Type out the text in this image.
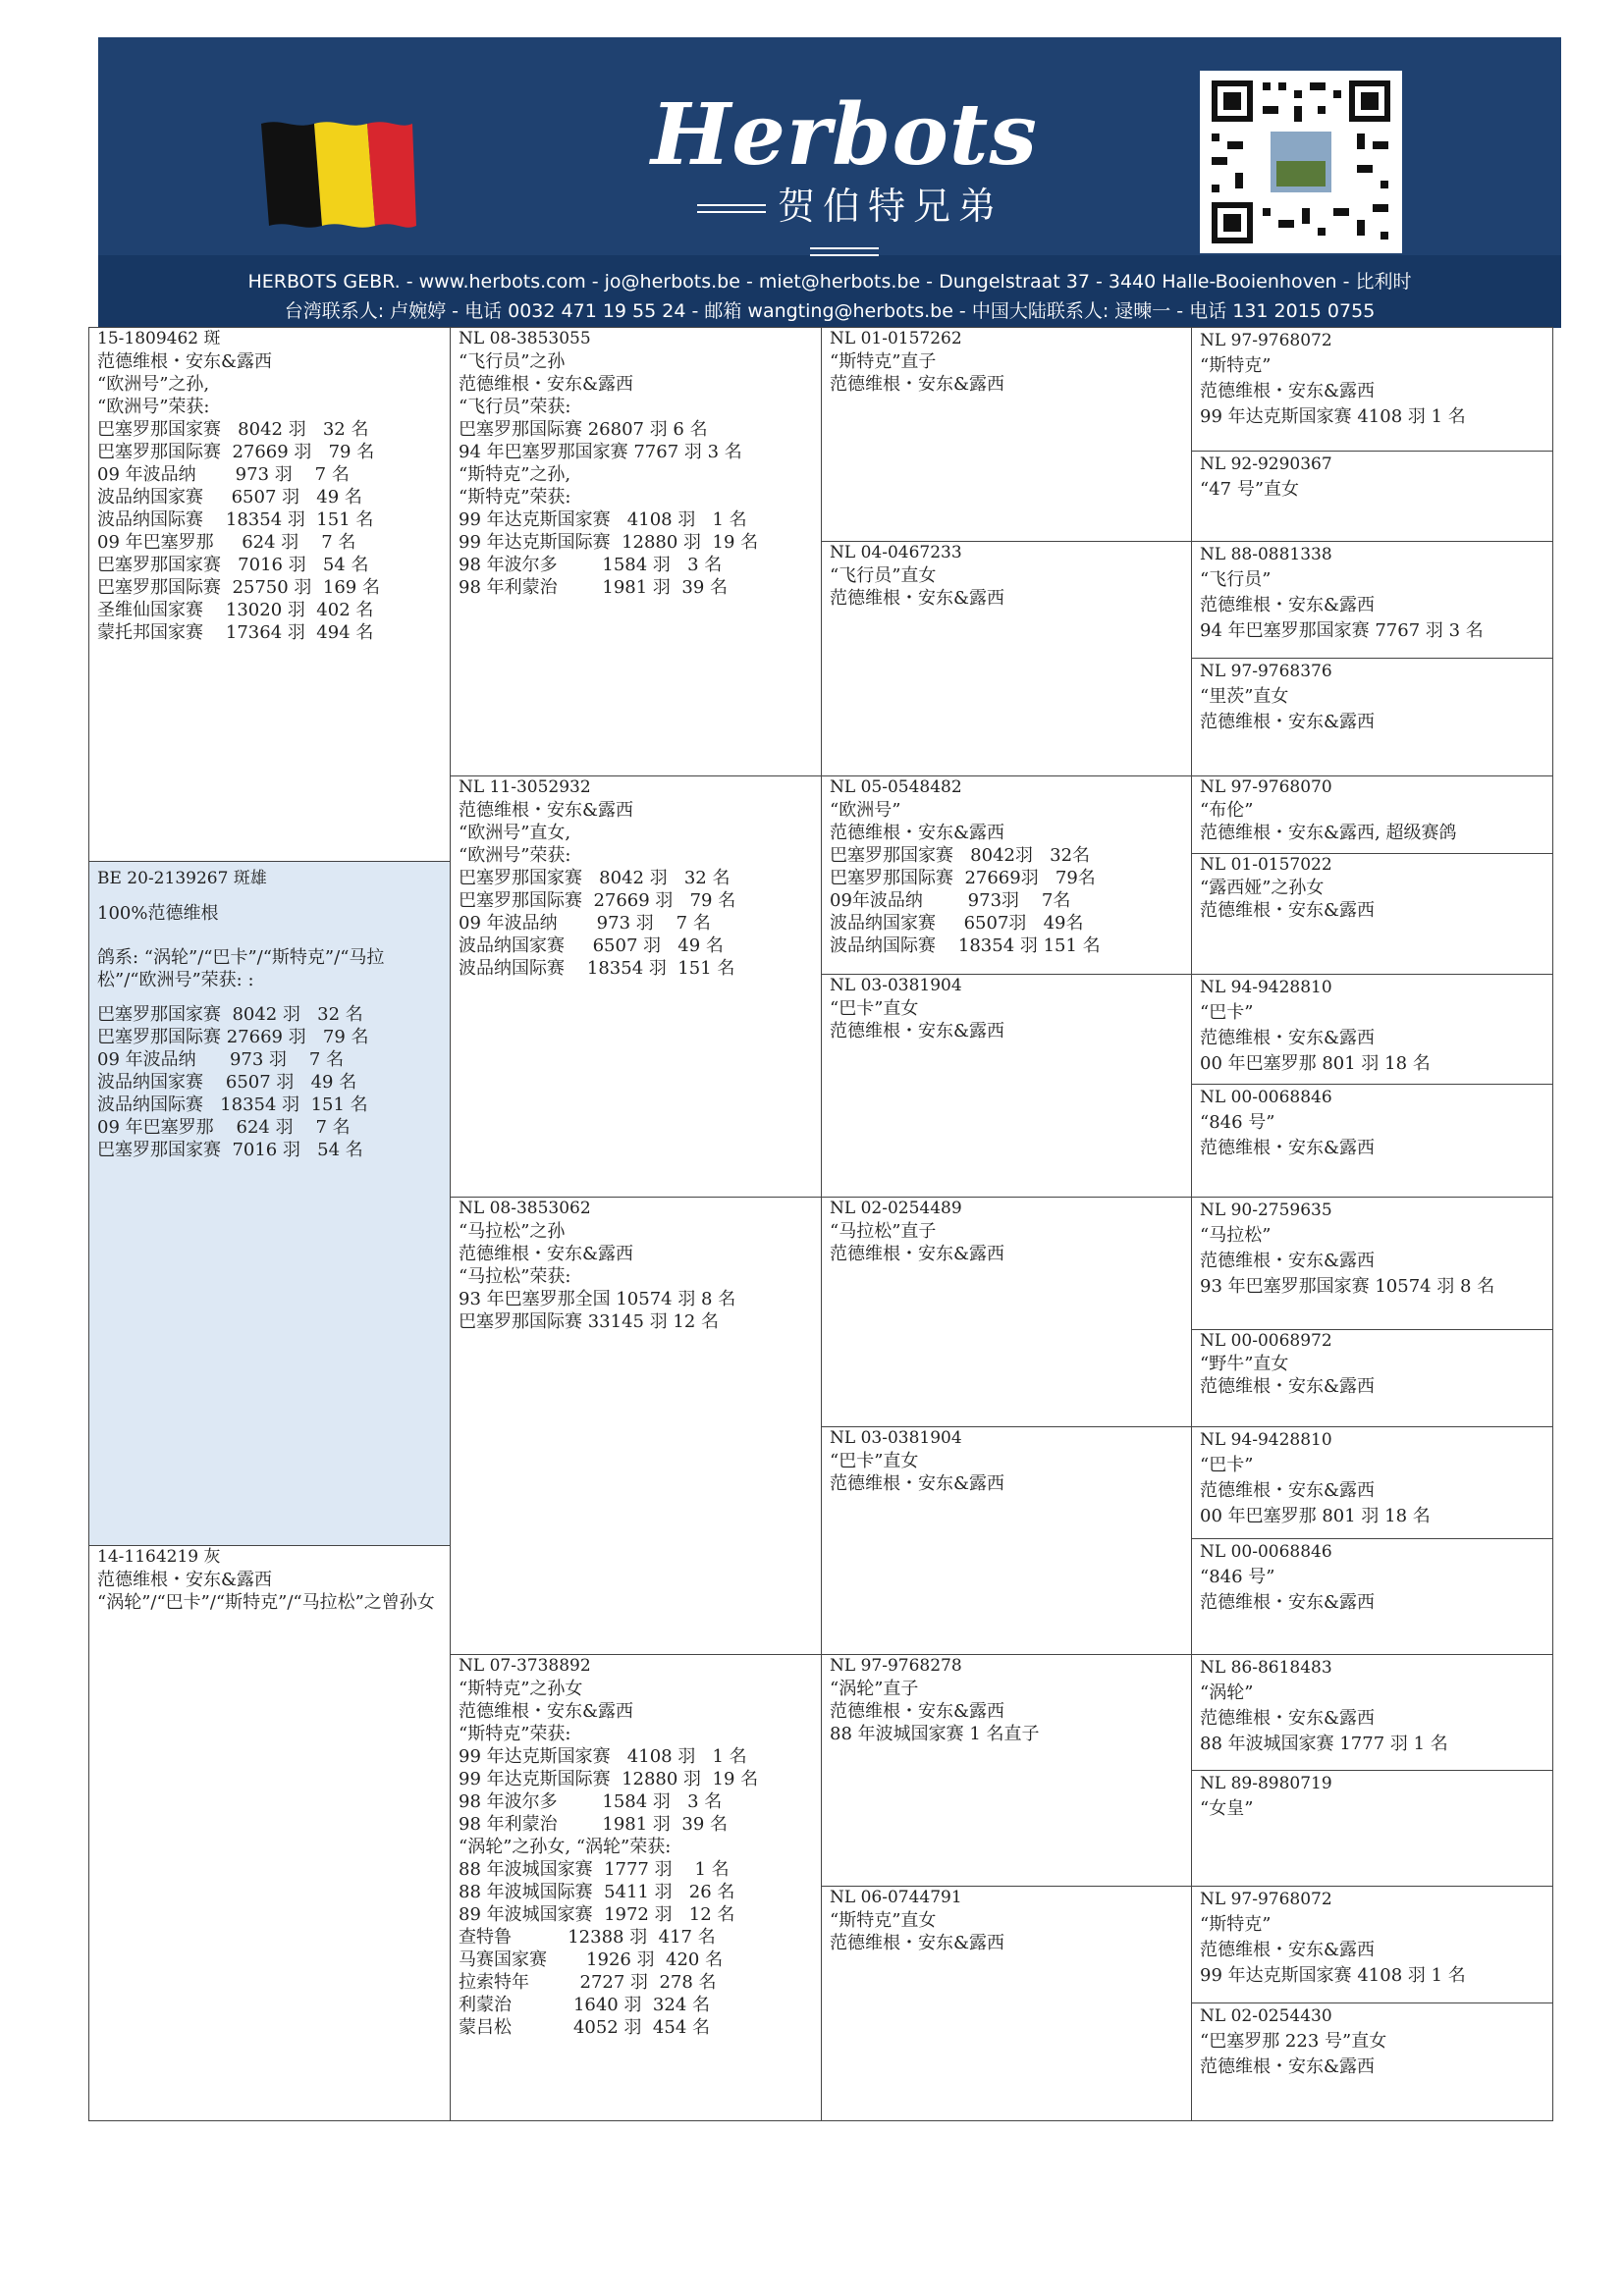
Herbots
贺伯特兄弟
HERBOTS GEBR. - www.herbots.com - jo@herbots.be - miet@herbots.be - Dungelstraat 37 - 3440 Halle-Booienhoven - 比利时
台湾联系人: 卢婉婷 - 电话 0032 471 19 55 24 - 邮箱 wangting@herbots.be - 中国大陆联系人: 逯暕一 - 电话 131 2015 0755
15-1809462 斑
范德维根・安东&露西
“欧洲号”之孙,
“欧洲号”荣获:
巴塞罗那国家赛   8042 羽   32 名
巴塞罗那国际赛  27669 羽   79 名
09 年波品纳       973 羽    7 名
波品纳国家赛     6507 羽   49 名
波品纳国际赛    18354 羽  151 名
09 年巴塞罗那     624 羽    7 名
巴塞罗那国家赛   7016 羽   54 名
巴塞罗那国际赛  25750 羽  169 名
圣维仙国家赛    13020 羽  402 名
蒙托邦国家赛    17364 羽  494 名
BE 20-2139267 斑雄
100%范德维根
鸽系: “涡轮”/“巴卡”/“斯特克”/“马拉松”/“欧洲号”荣获: :
巴塞罗那国家赛  8042 羽   32 名
巴塞罗那国际赛 27669 羽   79 名
09 年波品纳      973 羽    7 名
波品纳国家赛    6507 羽   49 名
波品纳国际赛   18354 羽  151 名
09 年巴塞罗那    624 羽    7 名
巴塞罗那国家赛  7016 羽   54 名
14-1164219 灰
范德维根・安东&露西
“涡轮”/“巴卡”/“斯特克”/“马拉松”之曾孙女
NL 08-3853055
“飞行员”之孙
范德维根・安东&露西
“飞行员”荣获:
巴塞罗那国际赛 26807 羽 6 名
94 年巴塞罗那国家赛 7767 羽 3 名
“斯特克”之孙,
“斯特克”荣获:
99 年达克斯国家赛   4108 羽   1 名
99 年达克斯国际赛  12880 羽  19 名
98 年波尔多        1584 羽   3 名
98 年利蒙治        1981 羽  39 名
NL 11-3052932
范德维根・安东&露西
“欧洲号”直女,
“欧洲号”荣获:
巴塞罗那国家赛   8042 羽   32 名
巴塞罗那国际赛  27669 羽   79 名
09 年波品纳       973 羽    7 名
波品纳国家赛     6507 羽   49 名
波品纳国际赛    18354 羽  151 名
NL 08-3853062
“马拉松”之孙
范德维根・安东&露西
“马拉松”荣获:
93 年巴塞罗那全国 10574 羽 8 名
巴塞罗那国际赛 33145 羽 12 名
NL 07-3738892
“斯特克”之孙女
范德维根・安东&露西
“斯特克”荣获:
99 年达克斯国家赛   4108 羽   1 名
99 年达克斯国际赛  12880 羽  19 名
98 年波尔多        1584 羽   3 名
98 年利蒙治        1981 羽  39 名
“涡轮”之孙女, “涡轮”荣获:
88 年波城国家赛  1777 羽    1 名
88 年波城国际赛  5411 羽   26 名
89 年波城国家赛  1972 羽   12 名
查特鲁          12388 羽  417 名
马赛国家赛       1926 羽  420 名
拉索特年         2727 羽  278 名
利蒙治           1640 羽  324 名
蒙吕松           4052 羽  454 名
NL 01-0157262
“斯特克”直子
范德维根・安东&露西
NL 04-0467233
“飞行员”直女
范德维根・安东&露西
NL 05-0548482
“欧洲号”
范德维根・安东&露西
巴塞罗那国家赛   8042羽   32名
巴塞罗那国际赛  27669羽   79名
09年波品纳        973羽    7名
波品纳国家赛     6507羽   49名
波品纳国际赛    18354 羽 151 名
NL 03-0381904
“巴卡”直女
范德维根・安东&露西
NL 02-0254489
“马拉松”直子
范德维根・安东&露西
NL 03-0381904
“巴卡”直女
范德维根・安东&露西
NL 97-9768278
“涡轮”直子
范德维根・安东&露西
88 年波城国家赛 1 名直子
NL 06-0744791
“斯特克”直女
范德维根・安东&露西
NL 97-9768072
“斯特克”
范德维根・安东&露西
99 年达克斯国家赛 4108 羽 1 名
NL 92-9290367
“47 号”直女
NL 88-0881338
“飞行员”
范德维根・安东&露西
94 年巴塞罗那国家赛 7767 羽 3 名
NL 97-9768376
“里茨”直女
范德维根・安东&露西
NL 97-9768070
“布伦”
范德维根・安东&露西, 超级赛鸽
NL 01-0157022
“露西娅”之孙女
范德维根・安东&露西
NL 94-9428810
“巴卡”
范德维根・安东&露西
00 年巴塞罗那 801 羽 18 名
NL 00-0068846
“846 号”
范德维根・安东&露西
NL 90-2759635
“马拉松”
范德维根・安东&露西
93 年巴塞罗那国家赛 10574 羽 8 名
NL 00-0068972
“野牛”直女
范德维根・安东&露西
NL 94-9428810
“巴卡”
范德维根・安东&露西
00 年巴塞罗那 801 羽 18 名
NL 00-0068846
“846 号”
范德维根・安东&露西
NL 86-8618483
“涡轮”
范德维根・安东&露西
88 年波城国家赛 1777 羽 1 名
NL 89-8980719
“女皇”
NL 97-9768072
“斯特克”
范德维根・安东&露西
99 年达克斯国家赛 4108 羽 1 名
NL 02-0254430
“巴塞罗那 223 号”直女
范德维根・安东&露西
